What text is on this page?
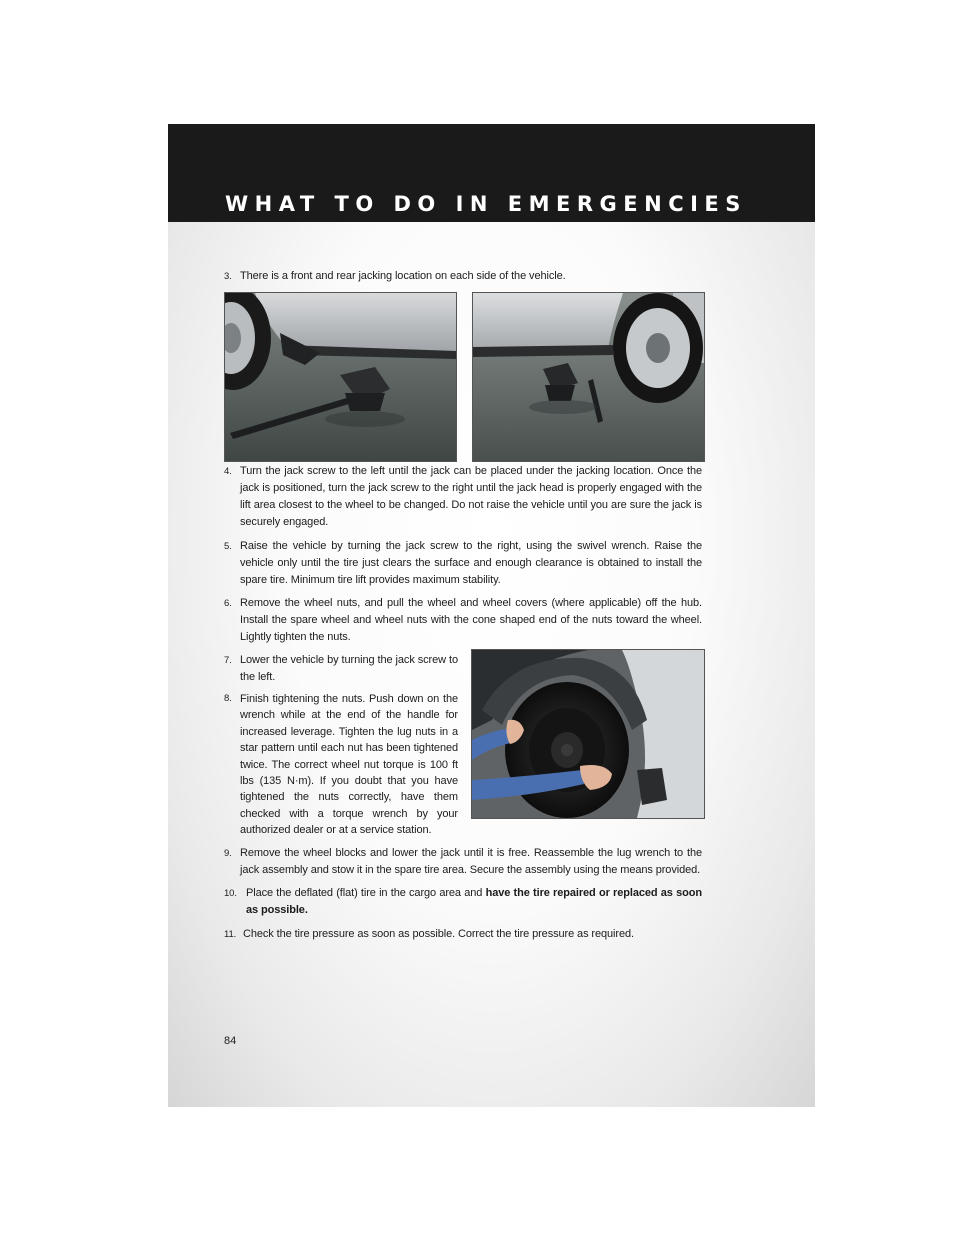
WHAT TO DO IN EMERGENCIES
3. There is a front and rear jacking location on each side of the vehicle.
4. Turn the jack screw to the left until the jack can be placed under the jacking location. Once the jack is positioned, turn the jack screw to the right until the jack head is properly engaged with the lift area closest to the wheel to be changed. Do not raise the vehicle until you are sure the jack is securely engaged.
5. Raise the vehicle by turning the jack screw to the right, using the swivel wrench. Raise the vehicle only until the tire just clears the surface and enough clearance is obtained to install the spare tire. Minimum tire lift provides maximum stability.
6. Remove the wheel nuts, and pull the wheel and wheel covers (where applicable) off the hub. Install the spare wheel and wheel nuts with the cone shaped end of the nuts toward the wheel. Lightly tighten the nuts.
7. Lower the vehicle by turning the jack screw to the left.
8. Finish tightening the nuts. Push down on the wrench while at the end of the handle for increased leverage. Tighten the lug nuts in a star pattern until each nut has been tightened twice. The correct wheel nut torque is 100 ft lbs (135 N·m). If you doubt that you have tightened the nuts correctly, have them checked with a torque wrench by your authorized dealer or at a service station.
9. Remove the wheel blocks and lower the jack until it is free. Reassemble the lug wrench to the jack assembly and stow it in the spare tire area. Secure the assembly using the means provided.
10. Place the deflated (flat) tire in the cargo area and have the tire repaired or replaced as soon as possible.
11. Check the tire pressure as soon as possible. Correct the tire pressure as required.
84
